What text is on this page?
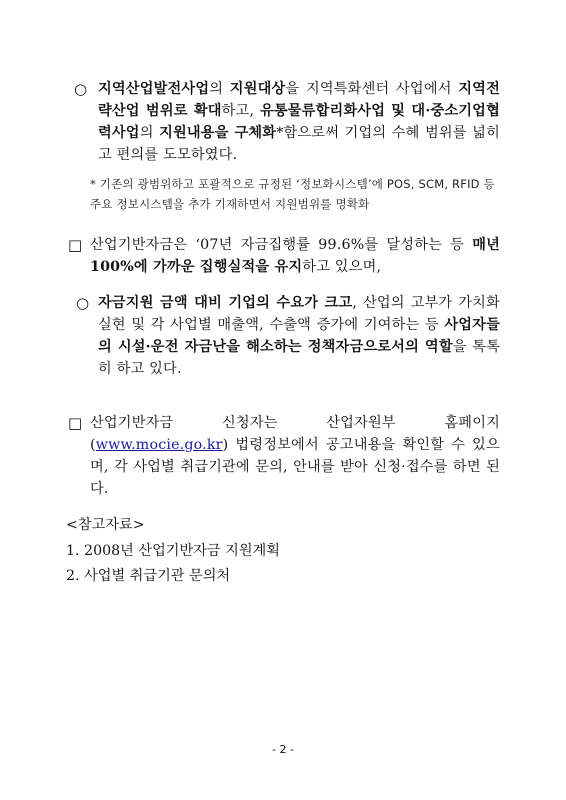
○ 지역산업발전사업의 지원대상을 지역특화센터 사업에서 지역전략산업 범위로 확대하고, 유통물류합리화사업 및 대·중소기업협력사업의 지원내용을 구체화*함으로써 기업의 수혜 범위를 넓히고 편의를 도모하였다.
* 기존의 광범위하고 포괄적으로 규정된 ‘정보화시스템’에 POS, SCM, RFID 등 주요 정보시스템을 추가 기재하면서 지원범위를 명확화
□ 산업기반자금은 ‘07년 자금집행률 99.6%를 달성하는 등 매년 100%에 가까운 집행실적을 유지하고 있으며,
○ 자금지원 금액 대비 기업의 수요가 크고, 산업의 고부가 가치화 실현 및 각 사업별 매출액, 수출액 증가에 기여하는 등 사업자들의 시설·운전 자금난을 해소하는 정책자금으로서의 역할을 톡톡히 하고 있다.
□ 산업기반자금 신청자는 산업자원부 홈페이지 (www.mocie.go.kr) 법령정보에서 공고내용을 확인할 수 있으며, 각 사업별 취급기관에 문의, 안내를 받아 신청·접수를 하면 된다.
<참고자료>
1. 2008년 산업기반자금 지원계획
2. 사업별 취급기관 문의처
- 2 -
